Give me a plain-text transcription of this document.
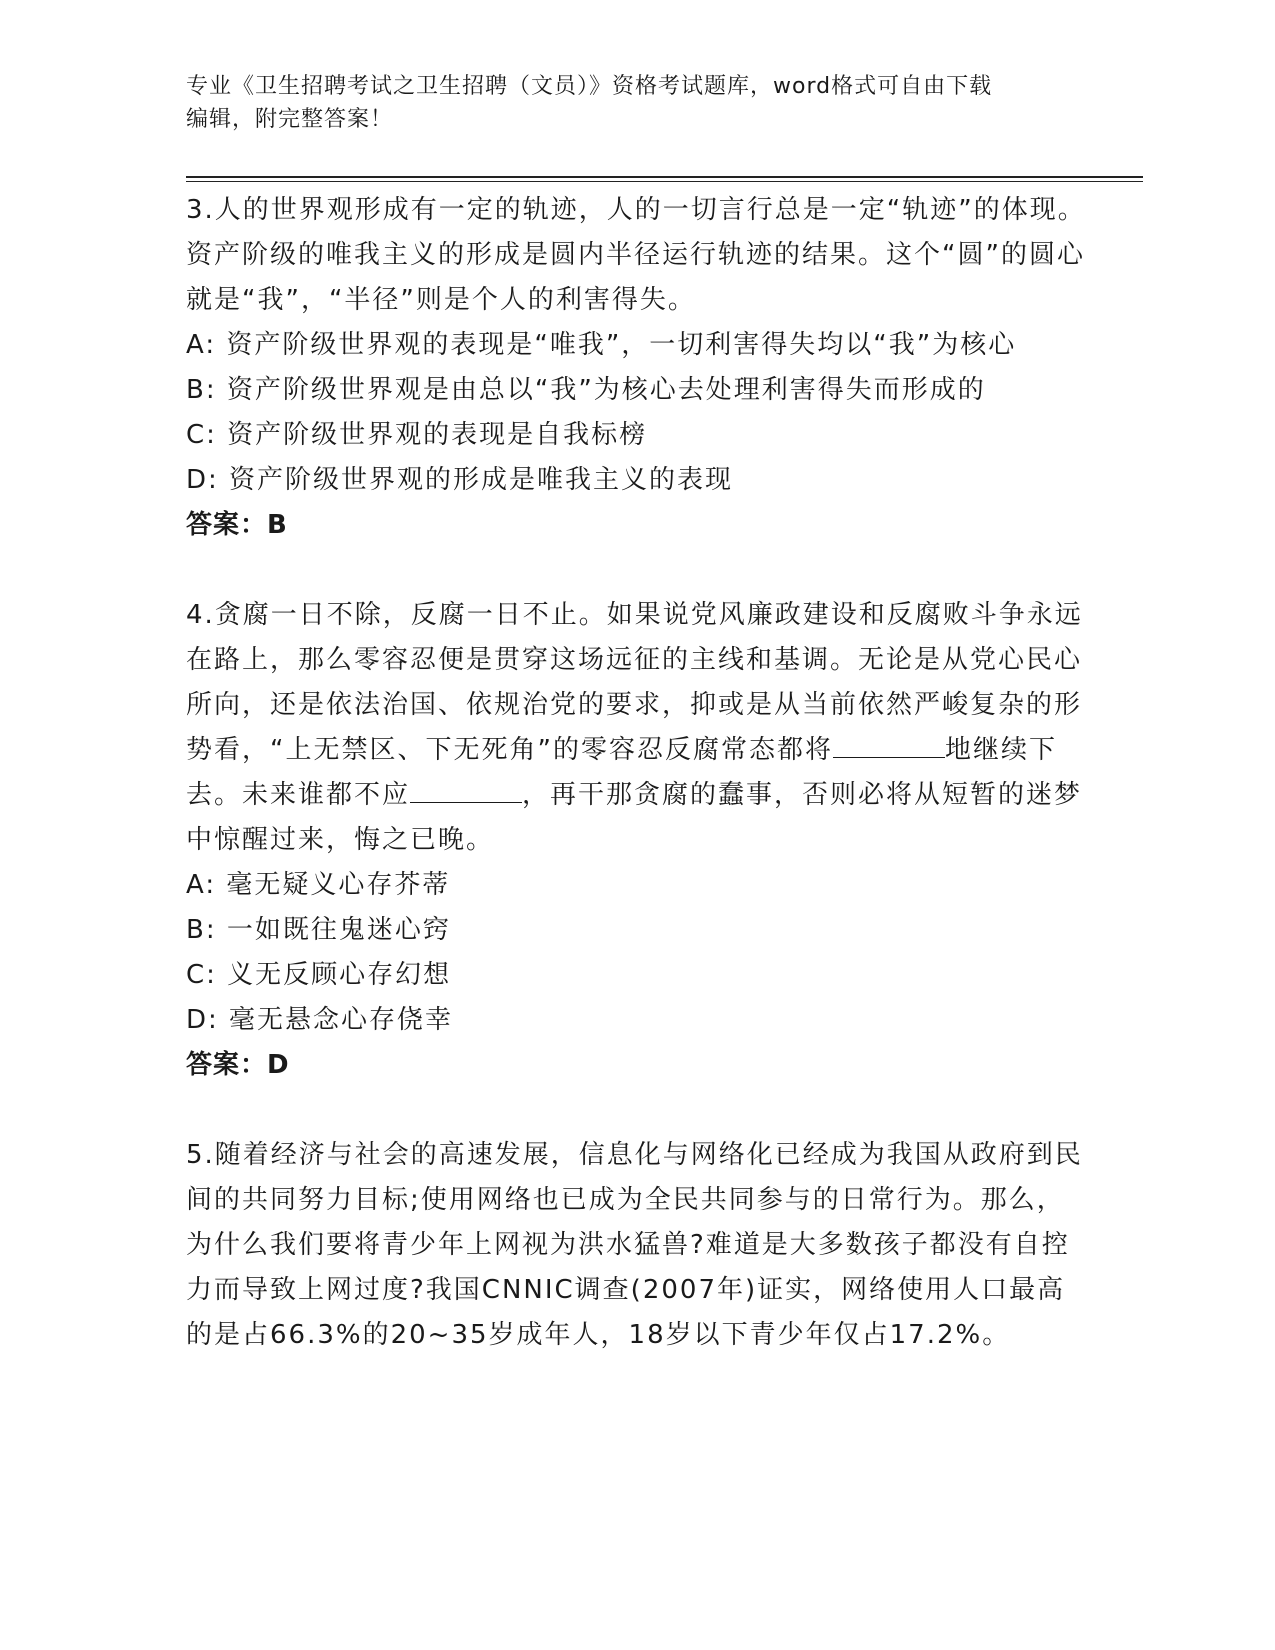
专业《卫生招聘考试之卫生招聘（文员）》资格考试题库，word格式可自由下载
编辑，附完整答案！
3.人的世界观形成有一定的轨迹，人的一切言行总是一定“轨迹”的体现。资产阶级的唯我主义的形成是圆内半径运行轨迹的结果。这个“圆”的圆心就是“我”，“半径”则是个人的利害得失。
A: 资产阶级世界观的表现是“唯我”，一切利害得失均以“我”为核心
B: 资产阶级世界观是由总以“我”为核心去处理利害得失而形成的
C: 资产阶级世界观的表现是自我标榜
D: 资产阶级世界观的形成是唯我主义的表现
答案：B
4.贪腐一日不除，反腐一日不止。如果说党风廉政建设和反腐败斗争永远在路上，那么零容忍便是贯穿这场远征的主线和基调。无论是从党心民心所向，还是依法治国、依规治党的要求，抑或是从当前依然严峻复杂的形势看，“上无禁区、下无死角”的零容忍反腐常态都将	地继续下去。未来谁都不应	，再干那贪腐的蠢事，否则必将从短暂的迷梦中惊醒过来，悔之已晚。
A: 毫无疑义心存芥蒂
B: 一如既往鬼迷心窍
C: 义无反顾心存幻想
D: 毫无悬念心存侥幸
答案：D
5.随着经济与社会的高速发展，信息化与网络化已经成为我国从政府到民间的共同努力目标;使用网络也已成为全民共同参与的日常行为。那么，为什么我们要将青少年上网视为洪水猛兽?难道是大多数孩子都没有自控力而导致上网过度?我国CNNIC调查(2007年)证实，网络使用人口最高的是占66.3%的20~35岁成年人，18岁以下青少年仅占17.2%。
